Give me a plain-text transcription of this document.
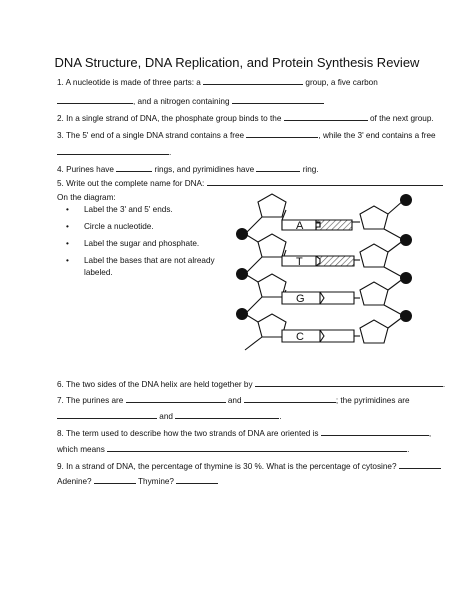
DNA Structure, DNA Replication, and Protein Synthesis Review
1. A nucleotide is made of three parts: a	group, a five carbon
, and a nitrogen containing
2. In a single strand of DNA, the phosphate group binds to the	of the next group.
3. The 5' end of a single DNA strand contains a free	, while the 3' end contains a free
.
4. Purines have	rings, and pyrimidines have	ring.
5. Write out the complete name for DNA:
On the diagram:
• Label the 3' and 5' ends.
• Circle a nucleotide.
• Label the sugar and phosphate.
• Label the bases that are not already
labeled.
A
T
G
C
6. The two sides of the DNA helix are held together by	.
7. The purines are	and	; the pyrimidines are
and	.
8. The term used to describe how the two strands of DNA are oriented is	,
which means	.
9. In a strand of DNA, the percentage of thymine is 30 %. What is the percentage of cytosine?
Adenine?	Thymine?
